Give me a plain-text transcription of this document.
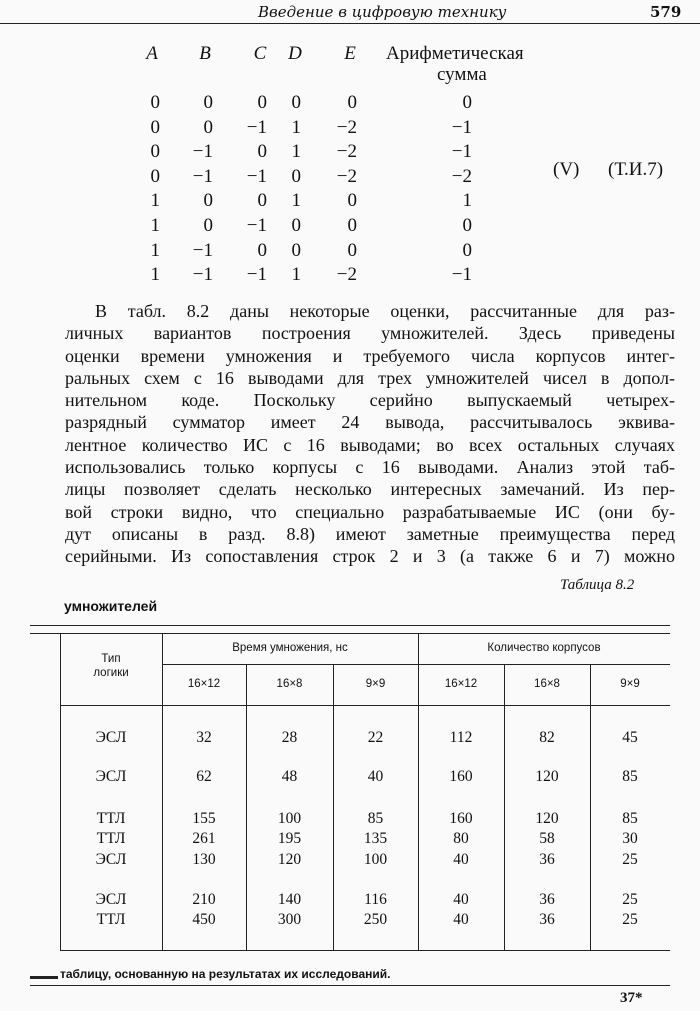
Введение в цифровую технику	579
A	B	C	D	E	Арифметическая
сумма
0	0	0	0	0	0
0	0	−1	1	−2	−1
0	−1	0	1	−2	−1
0	−1	−1	0	−2	−2
1	0	0	1	0	1
1	0	−1	0	0	0
1	−1	0	0	0	0
1	−1	−1	1	−2	−1
(V) (Т.И.7)
В табл. 8.2 даны некоторые оценки, рассчитанные для раз-
личных вариантов построения умножителей. Здесь приведены
оценки времени умножения и требуемого числа корпусов интег-
ральных схем с 16 выводами для трех умножителей чисел в допол-
нительном коде. Поскольку серийно выпускаемый четырех-
разрядный сумматор имеет 24 вывода, рассчитывалось эквива-
лентное количество ИС с 16 выводами; во всех остальных случаях
использовались только корпусы с 16 выводами. Анализ этой таб-
лицы позволяет сделать несколько интересных замечаний. Из пер-
вой строки видно, что специально разрабатываемые ИС (они бу-
дут описаны в разд. 8.8) имеют заметные преимущества перед
серийными. Из сопоставления строк 2 и 3 (а также 6 и 7) можно
Таблица 8.2
умножителей
Тип
логики
Время умножения, нс	Количество корпусов
16×12	16×8	9×9	16×12	16×8	9×9
ЭСЛ	32	28	22	112	82	45
ЭСЛ	62	48	40	160	120	85
ТТЛ	155	100	85	160	120	85
ТТЛ	261	195	135	80	58	30
ЭСЛ	130	120	100	40	36	25
ЭСЛ	210	140	116	40	36	25
ТТЛ	450	300	250	40	36	25
таблицу, основанную на результатах их исследований.
37*
